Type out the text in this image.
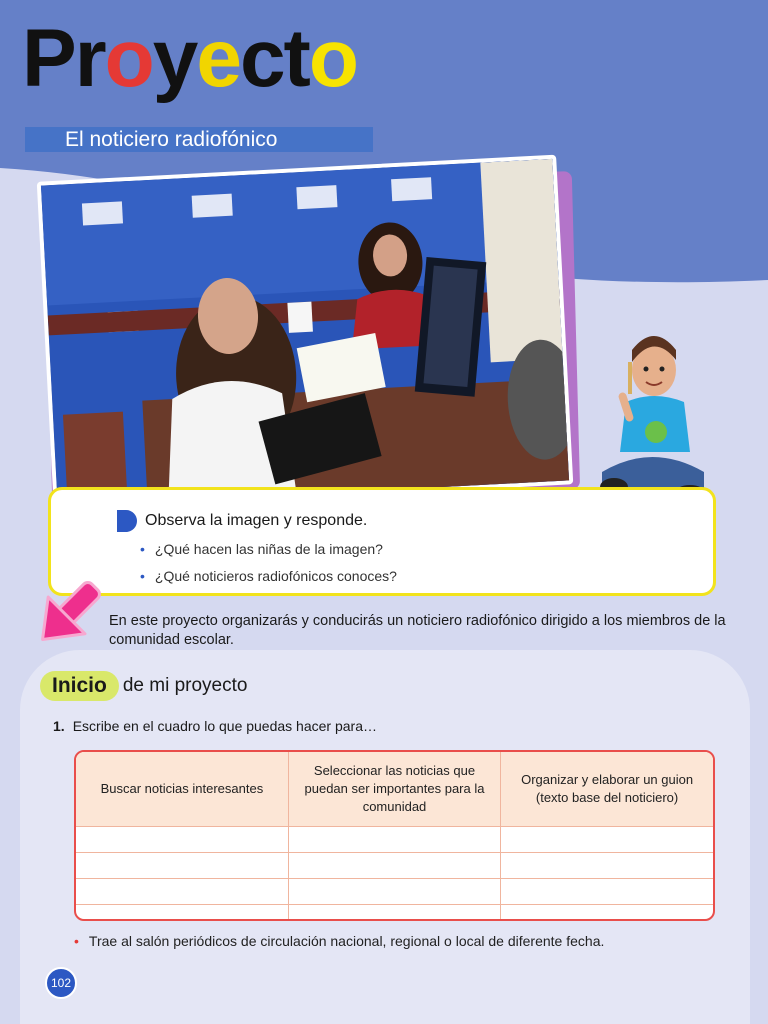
Proyecto
El noticiero radiofónico
Observa la imagen y responde.
• ¿Qué hacen las niñas de la imagen?
• ¿Qué noticieros radiofónicos conoces?
En este proyecto organizarás y conducirás un noticiero radiofónico dirigido a los miembros de la comunidad escolar.
Inicio de mi proyecto
1. Escribe en el cuadro lo que puedas hacer para…
Buscar noticias interesantes	Seleccionar las noticias que puedan ser importantes para la comunidad	Organizar y elaborar un guion (texto base del noticiero)

• Trae al salón periódicos de circulación nacional, regional o local de diferente fecha.
102
